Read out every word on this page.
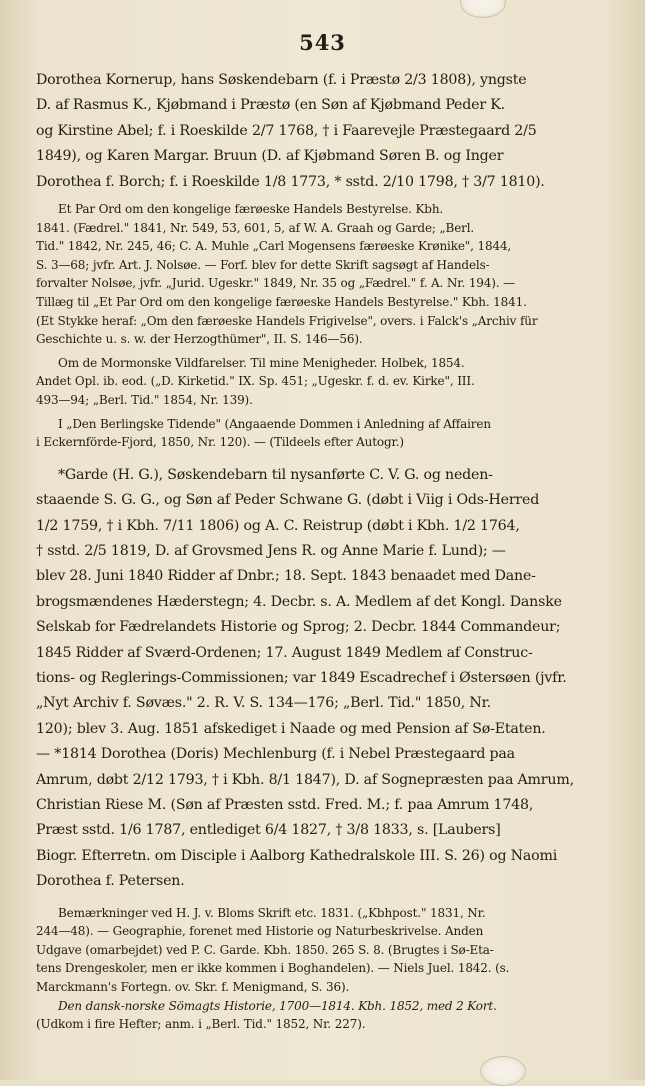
543
Dorothea Kornerup, hans Søskendebarn (f. i Præstø 2/3 1808), yngste
D. af Rasmus K., Kjøbmand i Præstø (en Søn af Kjøbmand Peder K.
og Kirstine Abel; f. i Roeskilde 2/7 1768, † i Faarevejle Præstegaard 2/5
1849), og Karen Margar. Bruun (D. af Kjøbmand Søren B. og Inger
Dorothea f. Borch; f. i Roeskilde 1/8 1773, * sstd. 2/10 1798, † 3/7 1810).
Et Par Ord om den kongelige færøeske Handels Bestyrelse. Kbh.
1841. (Fædrel." 1841, Nr. 549, 53, 601, 5, af W. A. Graah og Garde; „Berl.
Tid." 1842, Nr. 245, 46; C. A. Muhle „Carl Mogensens færøeske Krønike", 1844,
S. 3—68; jvfr. Art. J. Nolsøe. — Forf. blev for dette Skrift sagsøgt af Handels-
forvalter Nolsøe, jvfr. „Jurid. Ugeskr." 1849, Nr. 35 og „Fædrel." f. A. Nr. 194). —
Tillæg til „Et Par Ord om den kongelige færøeske Handels Bestyrelse." Kbh. 1841.
(Et Stykke heraf: „Om den færøeske Handels Frigivelse", overs. i Falck's „Archiv für
Geschichte u. s. w. der Herzogthümer", II. S. 146—56).
Om de Mormonske Vildfarelser. Til mine Menigheder. Holbek, 1854.
Andet Opl. ib. eod. („D. Kirketid." IX. Sp. 451; „Ugeskr. f. d. ev. Kirke", III.
493—94; „Berl. Tid." 1854, Nr. 139).
I „Den Berlingske Tidende" (Angaaende Dommen i Anledning af Affairen
i Eckernförde-Fjord, 1850, Nr. 120). — (Tildeels efter Autogr.)
*Garde (H. G.), Søskendebarn til nysanførte C. V. G. og neden-
staaende S. G. G., og Søn af Peder Schwane G. (døbt i Viig i Ods-Herred
1/2 1759, † i Kbh. 7/11 1806) og A. C. Reistrup (døbt i Kbh. 1/2 1764,
† sstd. 2/5 1819, D. af Grovsmed Jens R. og Anne Marie f. Lund); —
blev 28. Juni 1840 Ridder af Dnbr.; 18. Sept. 1843 benaadet med Dane-
brogsmændenes Hæderstegn; 4. Decbr. s. A. Medlem af det Kongl. Danske
Selskab for Fædrelandets Historie og Sprog; 2. Decbr. 1844 Commandeur;
1845 Ridder af Sværd-Ordenen; 17. August 1849 Medlem af Construc-
tions- og Reglerings-Commissionen; var 1849 Escadrechef i Østersøen (jvfr.
„Nyt Archiv f. Søvæs." 2. R. V. S. 134—176; „Berl. Tid." 1850, Nr.
120); blev 3. Aug. 1851 afskediget i Naade og med Pension af Sø-Etaten.
— *1814 Dorothea (Doris) Mechlenburg (f. i Nebel Præstegaard paa
Amrum, døbt 2/12 1793, † i Kbh. 8/1 1847), D. af Sognepræsten paa Amrum,
Christian Riese M. (Søn af Præsten sstd. Fred. M.; f. paa Amrum 1748,
Præst sstd. 1/6 1787, entlediget 6/4 1827, † 3/8 1833, s. [Laubers]
Biogr. Efterretn. om Disciple i Aalborg Kathedralskole III. S. 26) og Naomi
Dorothea f. Petersen.
Bemærkninger ved H. J. v. Bloms Skrift etc. 1831. („Kbhpost." 1831, Nr.
244—48). — Geographie, forenet med Historie og Naturbeskrivelse. Anden
Udgave (omarbejdet) ved P. C. Garde. Kbh. 1850. 265 S. 8. (Brugtes i Sø-Eta-
tens Drengeskoler, men er ikke kommen i Boghandelen). — Niels Juel. 1842. (s.
Marckmann's Fortegn. ov. Skr. f. Menigmand, S. 36).
Den dansk-norske Sömagts Historie, 1700—1814. Kbh. 1852, med 2 Kort.
(Udkom i fire Hefter; anm. i „Berl. Tid." 1852, Nr. 227).
